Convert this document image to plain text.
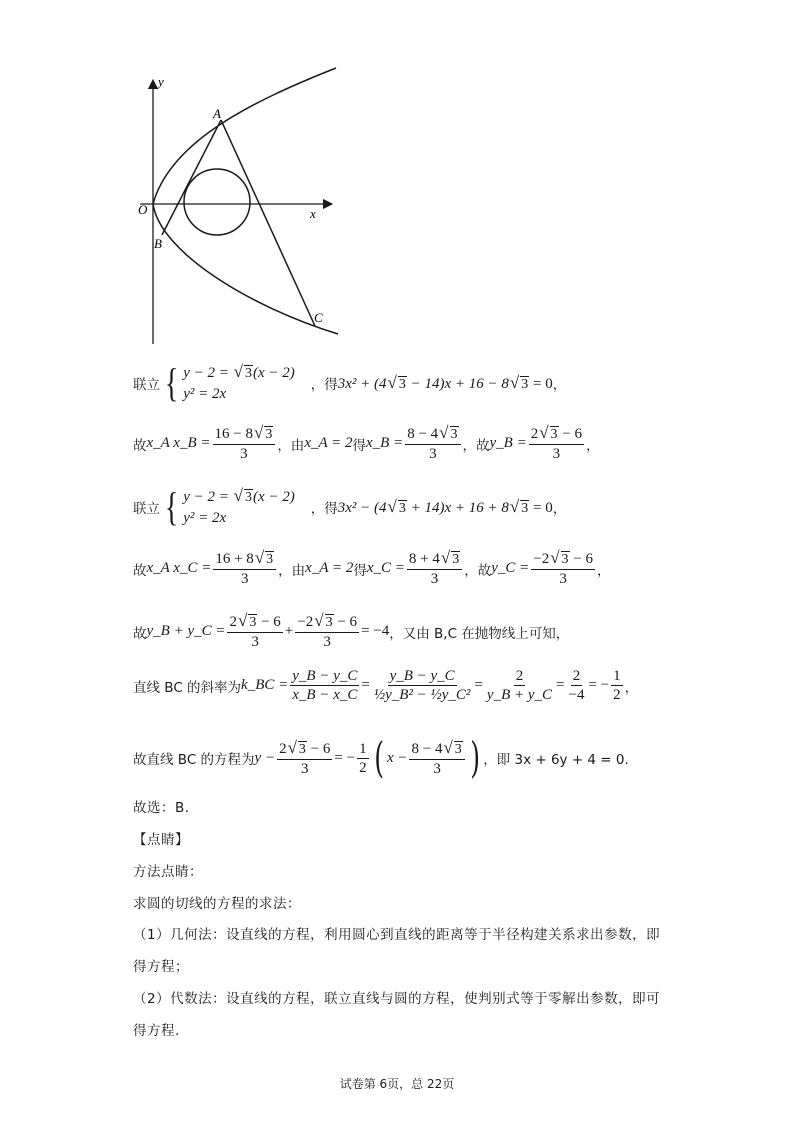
y
x
O
A
B
C
联立 { y − 2 = √ 3(x − 2)
y² = 2x
，得 3x² + (4√ 3 − 14)x + 16 − 8√ 3 = 0 ，
故 x_A x_B = $\frac{16 - 8√ 3}{3}$ ，由 x_A = 2 得 x_B = $\frac{8 - 4√ 3}{3}$ ，故 y_B = $\frac{2√ 3 - 6}{3}$ ，
联立 { y − 2 = √ 3(x − 2)
y² = 2x
，得 3x² − (4√ 3 + 14)x + 16 + 8√ 3 = 0 ，
故 x_A x_C = $\frac{16 + 8√ 3}{3}$ ，由 x_A = 2 得 x_C = $\frac{8 + 4√ 3}{3}$ ，故 y_C = $\frac{-2√ 3 - 6}{3}$ ，
故 y_B + y_C = $\frac{2√ 3 - 6}{3} + \frac{-2√ 3 - 6}{3} = -4$ ，又由 B,C 在抛物线上可知，
直线 BC 的斜率为 k_BC = $\frac{y\_B - y\_C}{x\_B - x\_C} = \frac{y\_B - y\_C}{\text{½y\_B² − ½y\_C²}} = \frac{2}{y\_B + y\_C} = \frac{2}{-4}$ = − $\frac{1}{2}$ ，
故直线 BC 的方程为 $y - \frac{2√ 3 - 6}{3}$ = − $\frac{1}{2}$ ( $x - \frac{8 - 4√ 3}{3}$ ) ，即 3x + 6y + 4 = 0.
故选：B.
【点睛】
方法点睛：
求圆的切线的方程的求法：
（1）几何法：设直线的方程，利用圆心到直线的距离等于半径构建关系求出参数，即
得方程；
（2）代数法：设直线的方程，联立直线与圆的方程，使判别式等于零解出参数，即可
得方程.
试卷第 6页，总 22页
